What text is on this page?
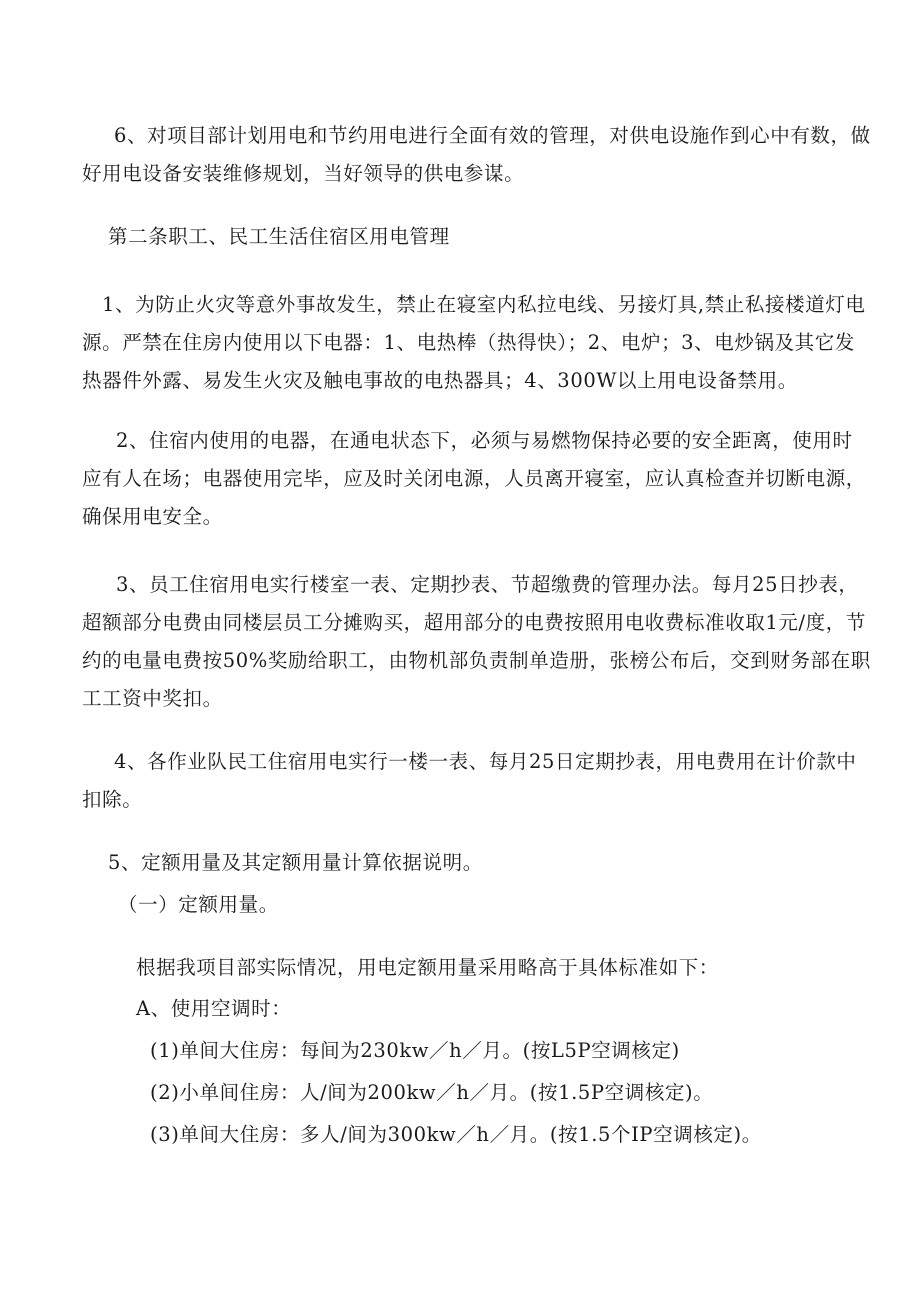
6、对项目部计划用电和节约用电进行全面有效的管理，对供电设施作到心中有数，做好用电设备安装维修规划，当好领导的供电参谋。

第二条职工、民工生活住宿区用电管理

1、为防止火灾等意外事故发生，禁止在寝室内私拉电线、另接灯具,禁止私接楼道灯电源。严禁在住房内使用以下电器：1、电热棒（热得快）；2、电炉；3、电炒锅及其它发热器件外露、易发生火灾及触电事故的电热器具；4、300W以上用电设备禁用。

2、住宿内使用的电器，在通电状态下，必须与易燃物保持必要的安全距离，使用时应有人在场；电器使用完毕，应及时关闭电源，人员离开寝室，应认真检查并切断电源，确保用电安全。

3、员工住宿用电实行楼室一表、定期抄表、节超缴费的管理办法。每月25日抄表，超额部分电费由同楼层员工分摊购买，超用部分的电费按照用电收费标准收取1元/度，节约的电量电费按50%奖励给职工，由物机部负责制单造册，张榜公布后，交到财务部在职工工资中奖扣。

4、各作业队民工住宿用电实行一楼一表、每月25日定期抄表，用电费用在计价款中扣除。

5、定额用量及其定额用量计算依据说明。

（一）定额用量。

根据我项目部实际情况，用电定额用量采用略高于具体标准如下：

A、使用空调时：

(1)单间大住房：每间为230kw／h／月。(按L5P空调核定)

(2)小单间住房：人/间为200kw／h／月。(按1.5P空调核定)。

(3)单间大住房：多人/间为300kw／h／月。(按1.5个IP空调核定)。
